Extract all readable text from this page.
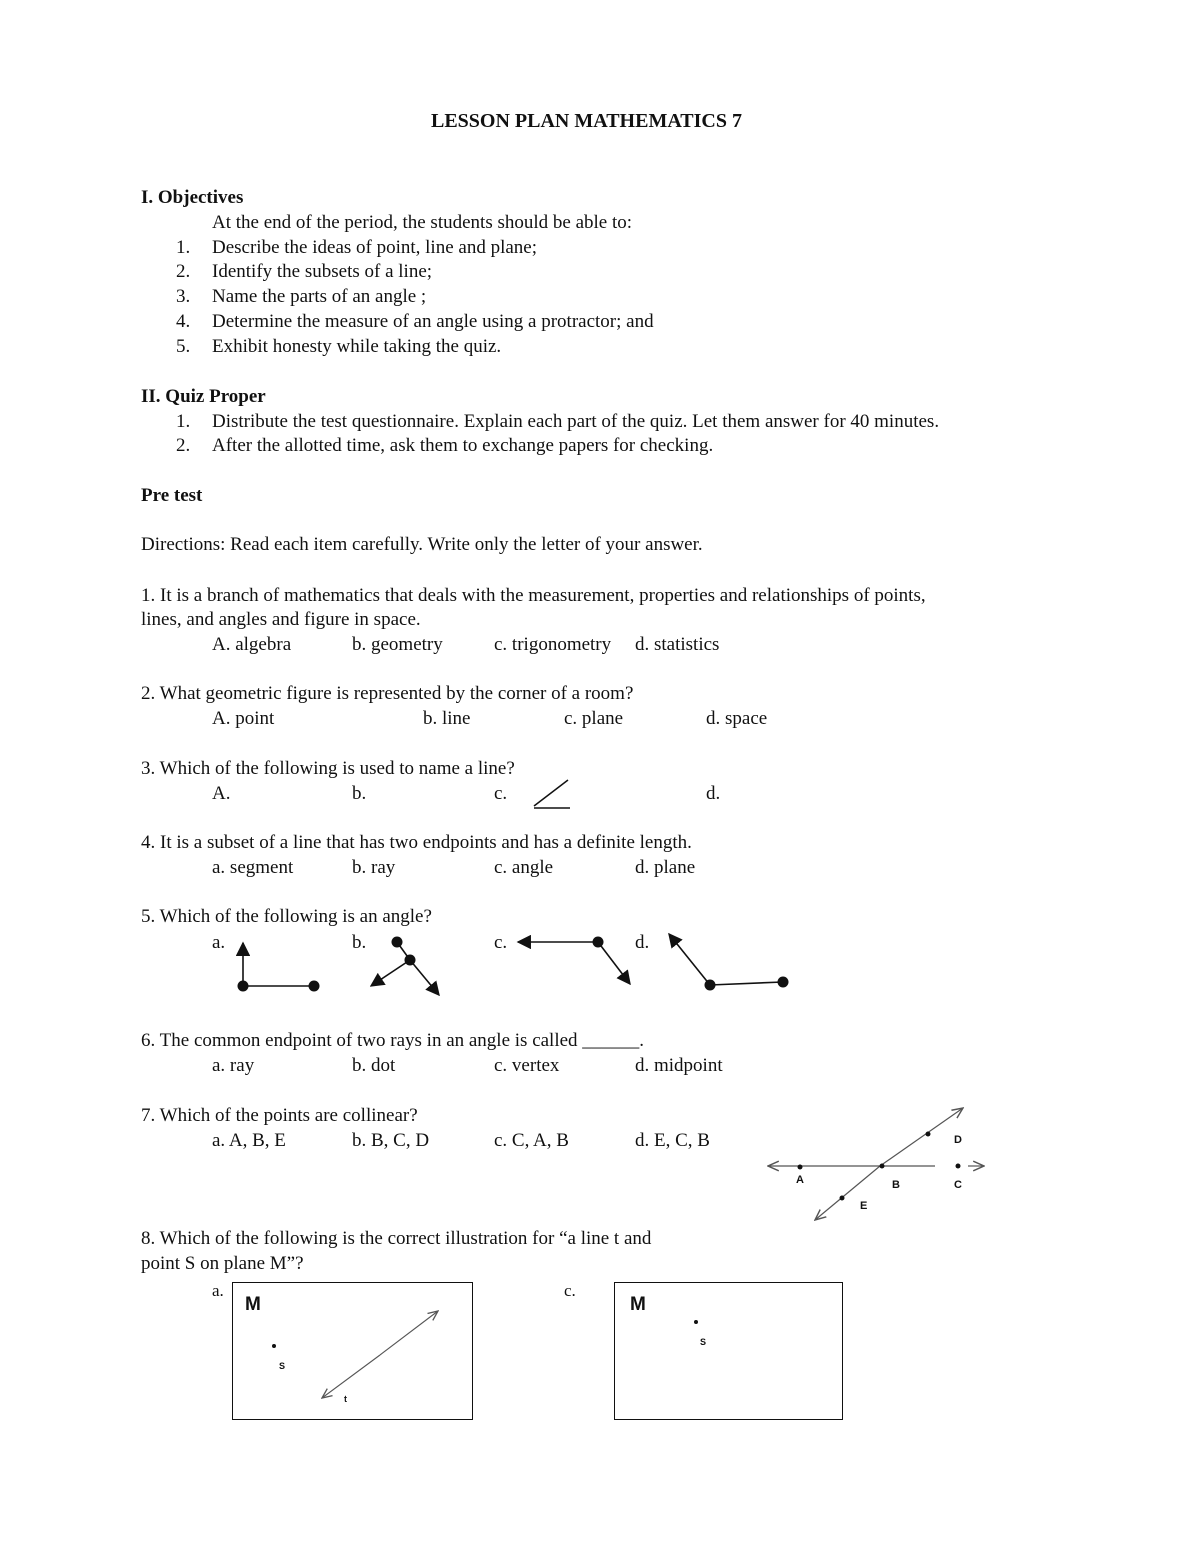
LESSON PLAN MATHEMATICS 7
I. Objectives
At the end of the period, the students should be able to:
1. Describe the ideas of point, line and plane;
2. Identify the subsets of a line;
3. Name the parts of an angle ;
4. Determine the measure of an angle using a protractor; and
5. Exhibit honesty while taking the quiz.
II. Quiz Proper
1. Distribute the test questionnaire. Explain each part of the quiz. Let them answer for 40 minutes.
2. After the allotted time, ask them to exchange papers for checking.
Pre test
Directions: Read each item carefully. Write only the letter of your answer.
1. It is a branch of mathematics that deals with the measurement, properties and relationships of points,
lines, and angles and figure in space.
A. algebra	b. geometry	c. trigonometry d. statistics
2. What geometric figure is represented by the corner of a room?
A. point	b. line	c. plane	d. space
3. Which of the following is used to name a line?
A.	b.	c.	d.
4. It is a subset of a line that has two endpoints and has a definite length.
a. segment	b. ray	c. angle	d. plane
5. Which of the following is an angle?
a.	b.	c.	d.
A	B	C
D
E
6. The common endpoint of two rays in an angle is called ______.
a. ray	b. dot	c. vertex	d. midpoint
7. Which of the points are collinear?
a. A, B, E	b. B, C, D	c. C, A, B	d. E, C, B
8. Which of the following is the correct illustration for “a line t and
point S on plane M”?
a.	c.
M
S
t
M
S
